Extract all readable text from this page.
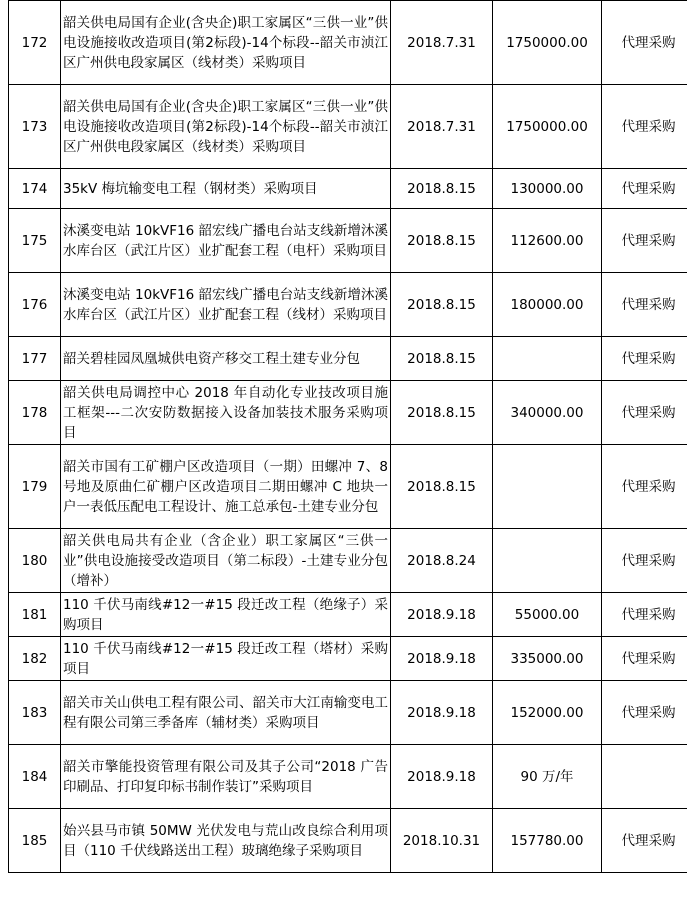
172	韶关供电局国有企业(含央企)职工家属区“三供一业”供电设施接收改造项目(第2标段)-14个标段--韶关市浈江区广州供电段家属区（线材类）采购项目	2018.7.31	1750000.00	代理采购
173	韶关供电局国有企业(含央企)职工家属区“三供一业”供电设施接收改造项目(第2标段)-14个标段--韶关市浈江区广州供电段家属区（线材类）采购项目	2018.7.31	1750000.00	代理采购
174	35kV 梅坑输变电工程（钢材类）采购项目	2018.8.15	130000.00	代理采购
175	沐溪变电站 10kVF16 韶宏线广播电台站支线新增沐溪水库台区（武江片区）业扩配套工程（电杆）采购项目	2018.8.15	112600.00	代理采购
176	沐溪变电站 10kVF16 韶宏线广播电台站支线新增沐溪水库台区（武江片区）业扩配套工程（线材）采购项目	2018.8.15	180000.00	代理采购
177	韶关碧桂园凤凰城供电资产移交工程土建专业分包	2018.8.15		代理采购
178	韶关供电局调控中心 2018 年自动化专业技改项目施工框架---二次安防数据接入设备加装技术服务采购项目	2018.8.15	340000.00	代理采购
179	韶关市国有工矿棚户区改造项目（一期）田螺冲 7、8 号地及原曲仁矿棚户区改造项目二期田螺冲 C 地块一户一表低压配电工程设计、施工总承包-土建专业分包	2018.8.15		代理采购
180	韶关供电局共有企业（含企业）职工家属区“三供一业”供电设施接受改造项目（第二标段）-土建专业分包（增补）	2018.8.24		代理采购
181	110 千伏马南线#12一#15 段迁改工程（绝缘子）采购项目	2018.9.18	55000.00	代理采购
182	110 千伏马南线#12一#15 段迁改工程（塔材）采购项目	2018.9.18	335000.00	代理采购
183	韶关市关山供电工程有限公司、韶关市大江南输变电工程有限公司第三季备库（辅材类）采购项目	2018.9.18	152000.00	代理采购
184	韶关市擎能投资管理有限公司及其子公司“2018 广告印刷品、打印复印标书制作装订”采购项目	2018.9.18	90 万/年	
185	始兴县马市镇 50MW 光伏发电与荒山改良综合利用项目（110 千伏线路送出工程）玻璃绝缘子采购项目	2018.10.31	157780.00	代理采购
